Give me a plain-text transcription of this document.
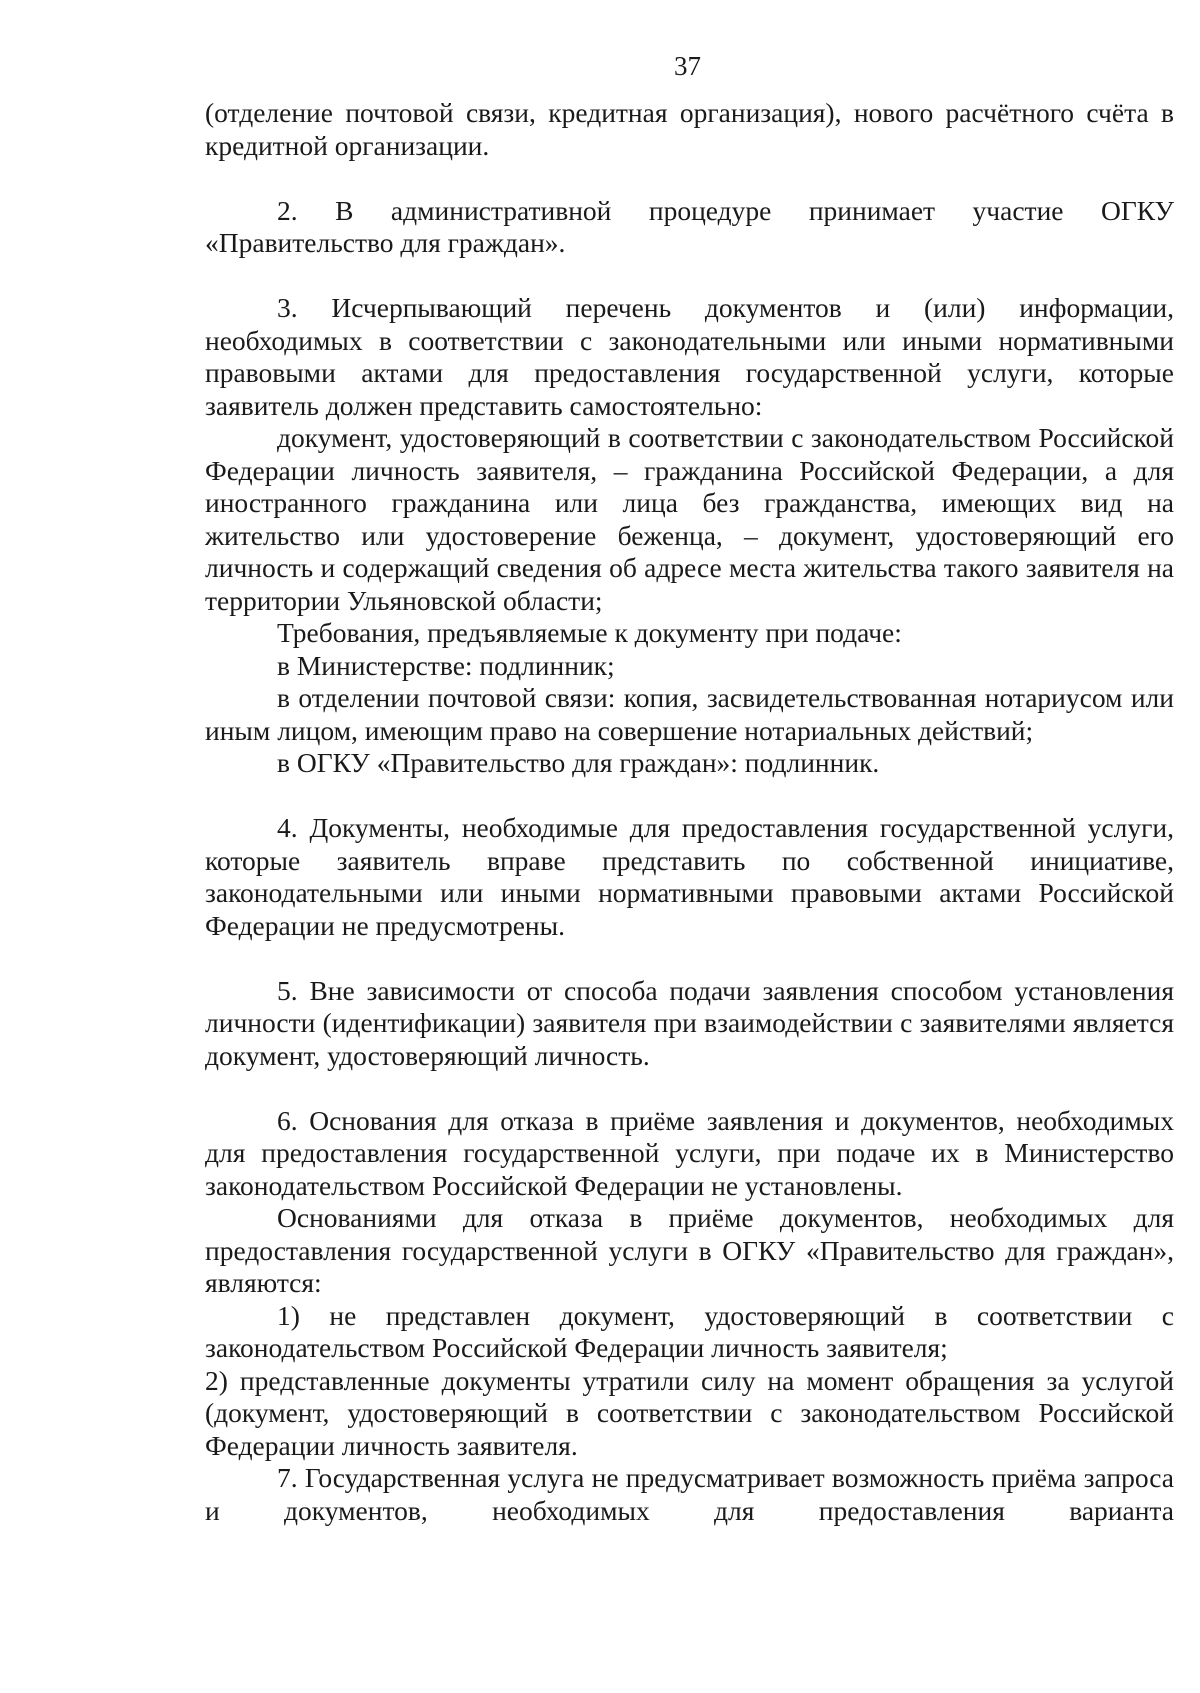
37

(отделение почтовой связи, кредитная организация), нового расчётного счёта в кредитной организации.

2. В административной процедуре принимает участие ОГКУ «Правительство для граждан».

3. Исчерпывающий перечень документов и (или) информации, необходимых в соответствии с законодательными или иными нормативными правовыми актами для предоставления государственной услуги, которые заявитель должен представить самостоятельно:

документ, удостоверяющий в соответствии с законодательством Российской Федерации личность заявителя, – гражданина Российской Федерации, а для иностранного гражданина или лица без гражданства, имеющих вид на жительство или удостоверение беженца, – документ, удостоверяющий его личность и содержащий сведения об адресе места жительства такого заявителя на территории Ульяновской области;

Требования, предъявляемые к документу при подаче:

в Министерстве: подлинник;

в отделении почтовой связи: копия, засвидетельствованная нотариусом или иным лицом, имеющим право на совершение нотариальных действий;

в ОГКУ «Правительство для граждан»: подлинник.

4. Документы, необходимые для предоставления государственной услуги, которые заявитель вправе представить по собственной инициативе, законодательными или иными нормативными правовыми актами Российской Федерации не предусмотрены.

5. Вне зависимости от способа подачи заявления способом установления личности (идентификации) заявителя при взаимодействии с заявителями является документ, удостоверяющий личность.

6. Основания для отказа в приёме заявления и документов, необходимых для предоставления государственной услуги, при подаче их в Министерство законодательством Российской Федерации не установлены.

Основаниями для отказа в приёме документов, необходимых для предоставления государственной услуги в ОГКУ «Правительство для граждан», являются:

1) не представлен документ, удостоверяющий в соответствии с законодательством Российской Федерации личность заявителя;

2) представленные документы утратили силу на момент обращения за услугой (документ, удостоверяющий в соответствии с законодательством Российской Федерации личность заявителя.

7. Государственная услуга не предусматривает возможность приёма запроса и документов, необходимых для предоставления варианта
